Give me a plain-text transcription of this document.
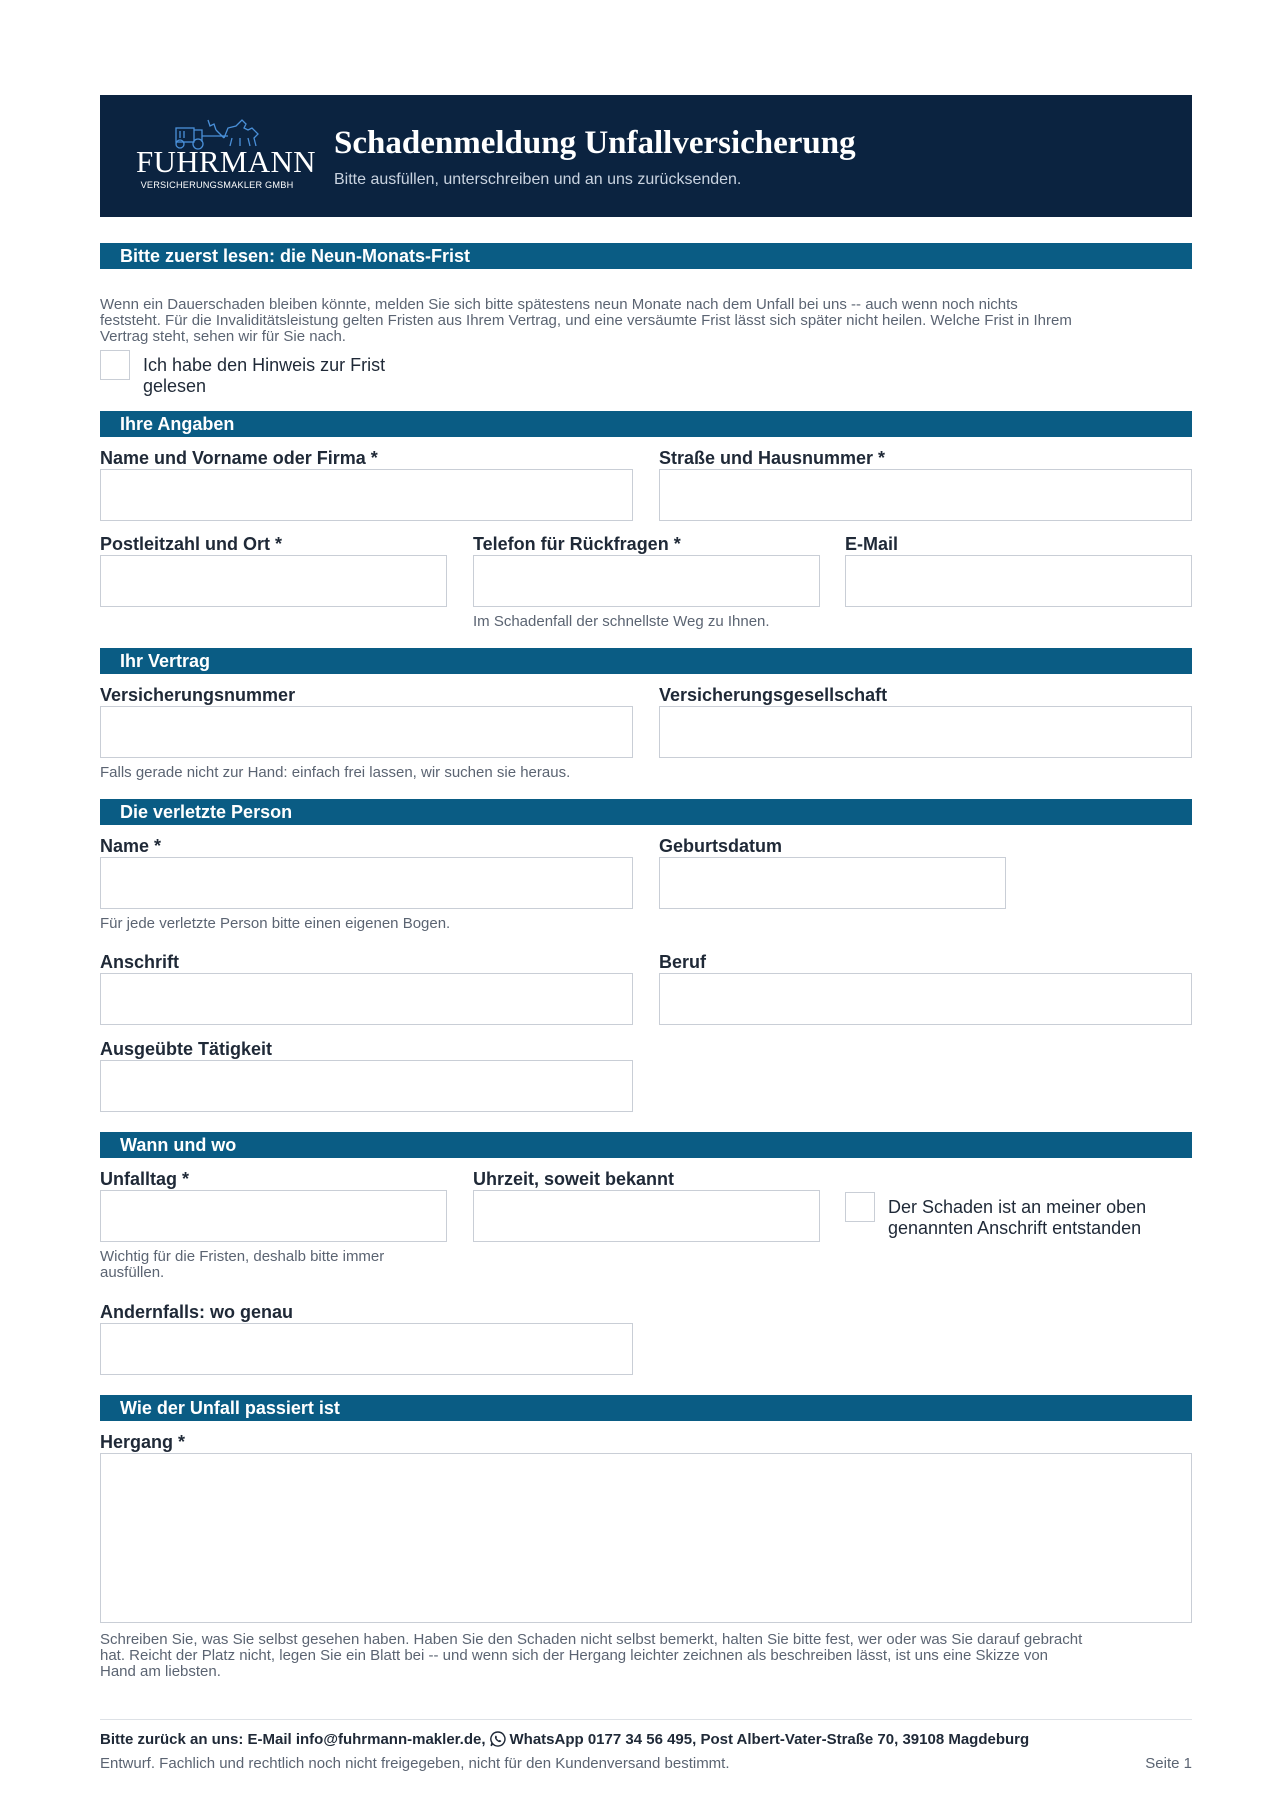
FUHRMANN
VERSICHERUNGSMAKLER GMBH
Schadenmeldung Unfallversicherung
Bitte ausfüllen, unterschreiben und an uns zurücksenden.
Bitte zuerst lesen: die Neun-Monats-Frist
Wenn ein Dauerschaden bleiben könnte, melden Sie sich bitte spätestens neun Monate nach dem Unfall bei uns -- auch wenn noch nichts
feststeht. Für die Invaliditätsleistung gelten Fristen aus Ihrem Vertrag, und eine versäumte Frist lässt sich später nicht heilen. Welche Frist in Ihrem
Vertrag steht, sehen wir für Sie nach.
Ich habe den Hinweis zur Frist
gelesen
Ihre Angaben
Name und Vorname oder Firma *	Straße und Hausnummer *
Postleitzahl und Ort *	Telefon für Rückfragen *	E-Mail
Im Schadenfall der schnellste Weg zu Ihnen.
Ihr Vertrag
Versicherungsnummer	Versicherungsgesellschaft
Falls gerade nicht zur Hand: einfach frei lassen, wir suchen sie heraus.
Die verletzte Person
Name *	Geburtsdatum
Für jede verletzte Person bitte einen eigenen Bogen.
Anschrift	Beruf
Ausgeübte Tätigkeit
Wann und wo
Unfalltag *	Uhrzeit, soweit bekannt
Der Schaden ist an meiner oben
genannten Anschrift entstanden
Wichtig für die Fristen, deshalb bitte immer
ausfüllen.
Andernfalls: wo genau
Wie der Unfall passiert ist
Hergang *
Schreiben Sie, was Sie selbst gesehen haben. Haben Sie den Schaden nicht selbst bemerkt, halten Sie bitte fest, wer oder was Sie darauf gebracht
hat. Reicht der Platz nicht, legen Sie ein Blatt bei -- und wenn sich der Hergang leichter zeichnen als beschreiben lässt, ist uns eine Skizze von
Hand am liebsten.
Bitte zurück an uns: E-Mail info@fuhrmann-makler.de, WhatsApp 0177 34 56 495, Post Albert-Vater-Straße 70, 39108 Magdeburg
Entwurf. Fachlich und rechtlich noch nicht freigegeben, nicht für den Kundenversand bestimmt.	Seite 1
